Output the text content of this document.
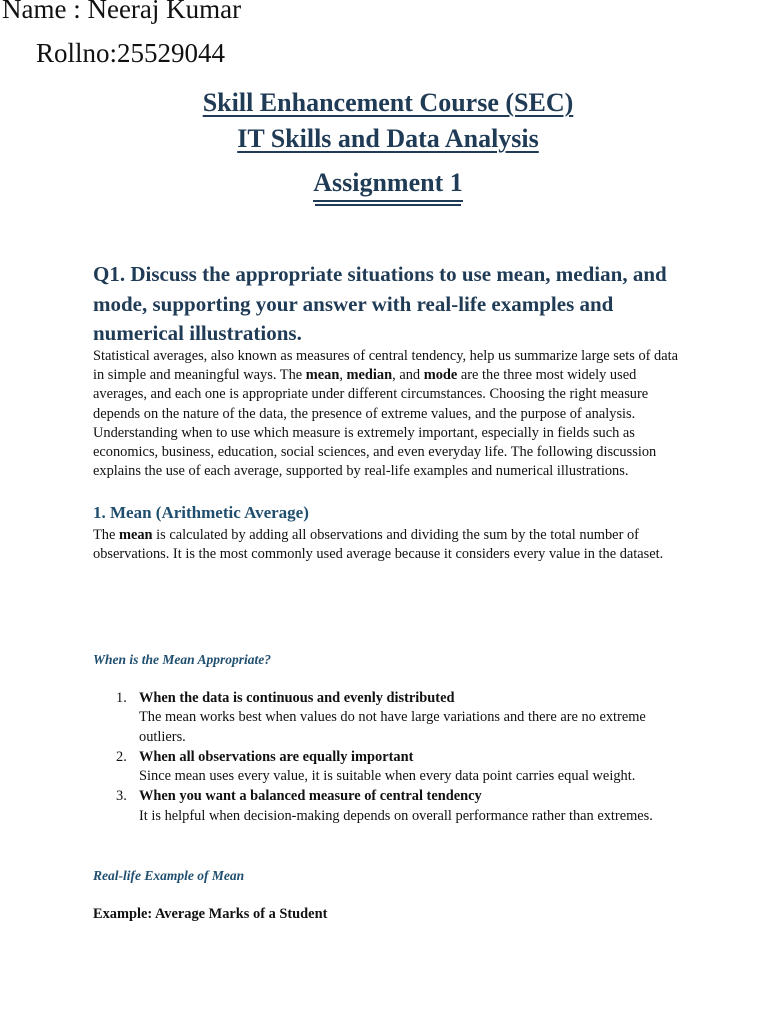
Name : Neeraj Kumar
Rollno:25529044
Skill Enhancement Course (SEC)
IT Skills and Data Analysis
Assignment 1
Q1. Discuss the appropriate situations to use mean, median, and mode, supporting your answer with real-life examples and numerical illustrations.
Statistical averages, also known as measures of central tendency, help us summarize large sets of data in simple and meaningful ways. The mean, median, and mode are the three most widely used averages, and each one is appropriate under different circumstances. Choosing the right measure depends on the nature of the data, the presence of extreme values, and the purpose of analysis. Understanding when to use which measure is extremely important, especially in fields such as economics, business, education, social sciences, and even everyday life. The following discussion explains the use of each average, supported by real-life examples and numerical illustrations.
1. Mean (Arithmetic Average)
The mean is calculated by adding all observations and dividing the sum by the total number of observations. It is the most commonly used average because it considers every value in the dataset.
When is the Mean Appropriate?
1. When the data is continuous and evenly distributed
The mean works best when values do not have large variations and there are no extreme outliers.
2. When all observations are equally important
Since mean uses every value, it is suitable when every data point carries equal weight.
3. When you want a balanced measure of central tendency
It is helpful when decision-making depends on overall performance rather than extremes.
Real-life Example of Mean
Example: Average Marks of a Student
